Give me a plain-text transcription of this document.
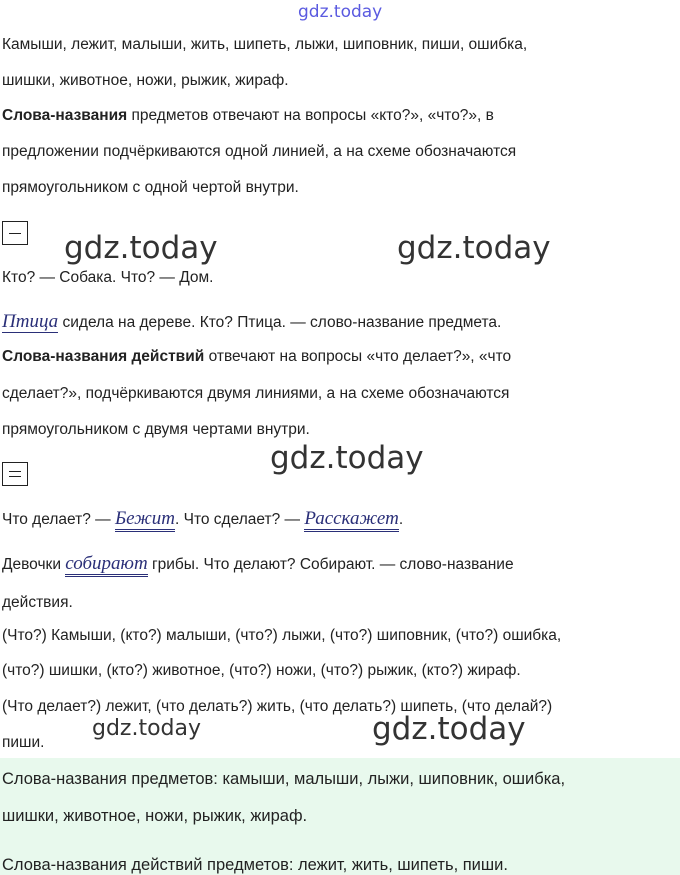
gdz.today
Камыши, лежит, малыши, жить, шипеть, лыжи, шиповник, пиши, ошибка,
шишки, животное, ножи, рыжик, жираф.
Слова-названия предметов отвечают на вопросы «кто?», «что?», в
предложении подчёркиваются одной линией, а на схеме обозначаются
прямоугольником с одной чертой внутри.
gdz.today	gdz.today
Кто? — Собака. Что? — Дом.
Птица сидела на дереве. Кто? Птица. — слово-название предмета.
Слова-названия действий отвечают на вопросы «что делает?», «что
сделает?», подчёркиваются двумя линиями, а на схеме обозначаются
прямоугольником с двумя чертами внутри.
gdz.today
Что делает? — Бежит. Что сделает? — Расскажет.
Девочки собирают грибы. Что делают? Собирают. — слово-название
действия.
(Что?) Камыши, (кто?) малыши, (что?) лыжи, (что?) шиповник, (что?) ошибка,
(что?) шишки, (кто?) животное, (что?) ножи, (что?) рыжик, (кто?) жираф.
(Что делает?) лежит, (что делать?) жить, (что делать?) шипеть, (что делай?)
пиши.
gdz.today	gdz.today
Слова-названия предметов: камыши, малыши, лыжи, шиповник, ошибка,
шишки, животное, ножи, рыжик, жираф.
Слова-названия действий предметов: лежит, жить, шипеть, пиши.
